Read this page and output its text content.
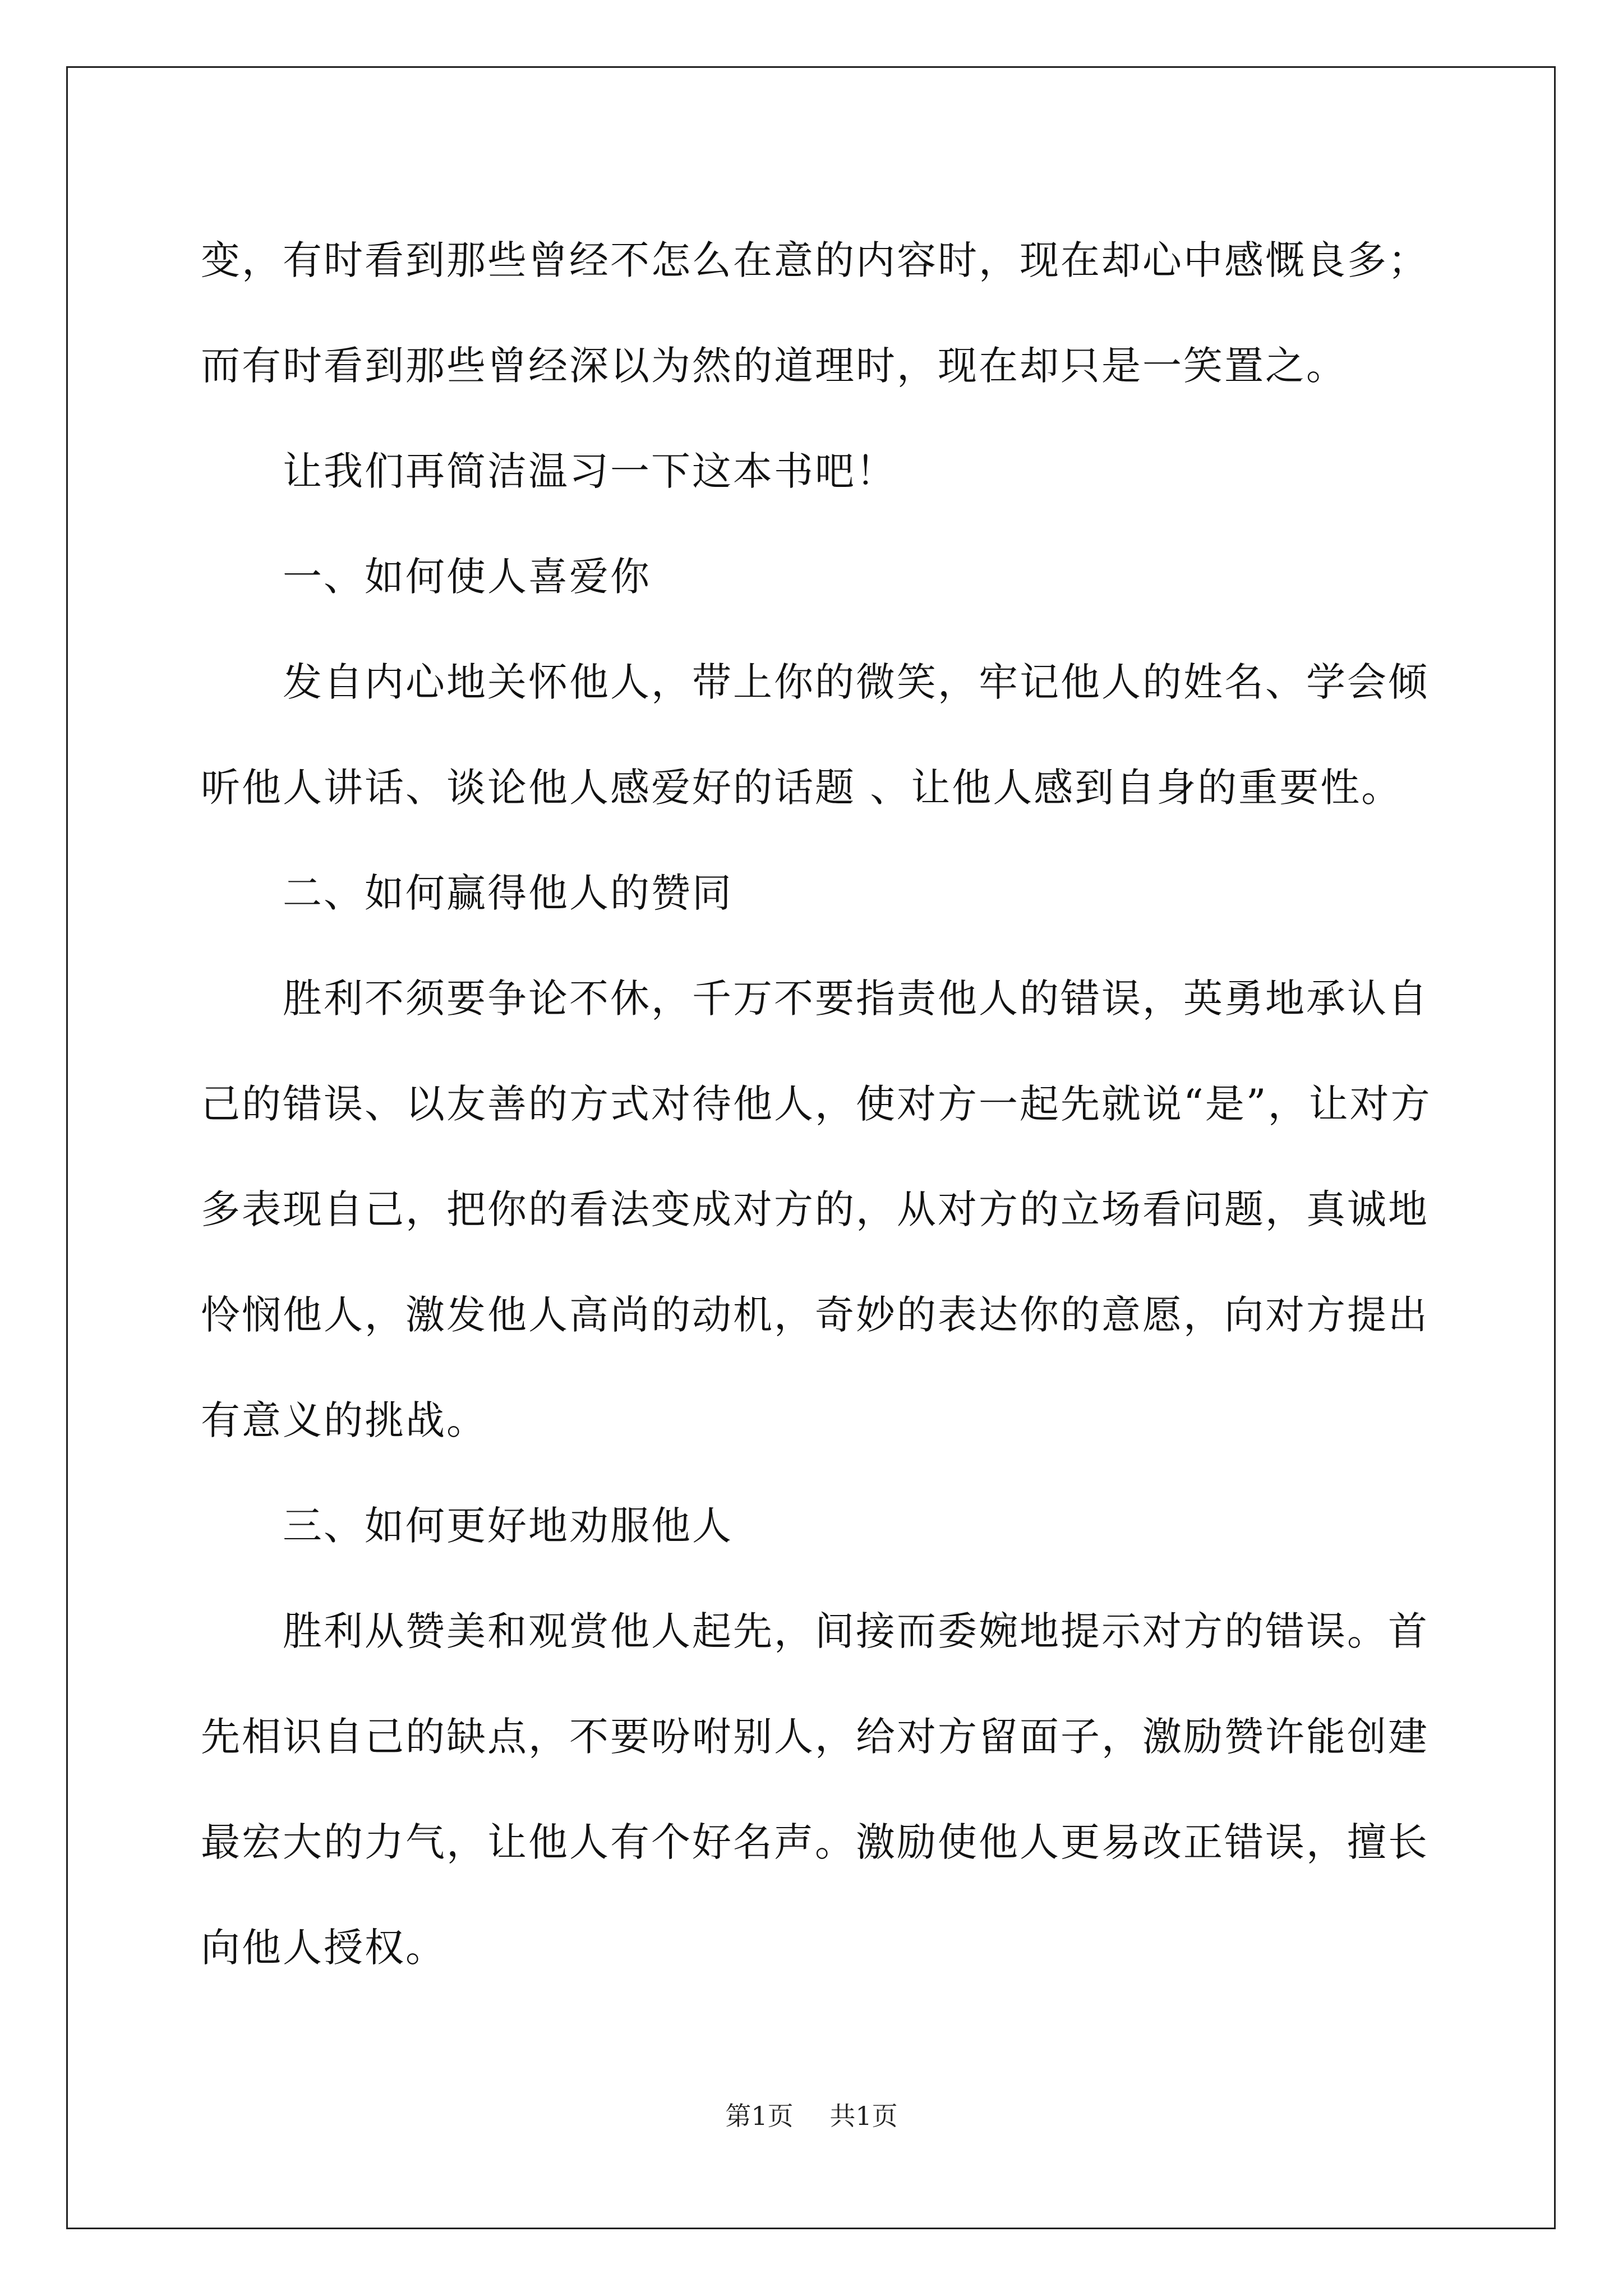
变，有时看到那些曾经不怎么在意的内容时，现在却心中感慨良多；而有时看到那些曾经深以为然的道理时，现在却只是一笑置之。

让我们再简洁温习一下这本书吧！

一、如何使人喜爱你

发自内心地关怀他人，带上你的微笑，牢记他人的姓名、学会倾听他人讲话、谈论他人感爱好的话题 、让他人感到自身的重要性。

二、如何赢得他人的赞同

胜利不须要争论不休，千万不要指责他人的错误，英勇地承认自己的错误、以友善的方式对待他人，使对方一起先就说“是”，让对方多表现自己，把你的看法变成对方的，从对方的立场看问题，真诚地怜悯他人，激发他人高尚的动机，奇妙的表达你的意愿，向对方提出有意义的挑战。

三、如何更好地劝服他人

胜利从赞美和观赏他人起先，间接而委婉地提示对方的错误。首先相识自己的缺点，不要吩咐别人，给对方留面子，激励赞许能创建最宏大的力气，让他人有个好名声。激励使他人更易改正错误，擅长向他人授权。

第1页 共1页
